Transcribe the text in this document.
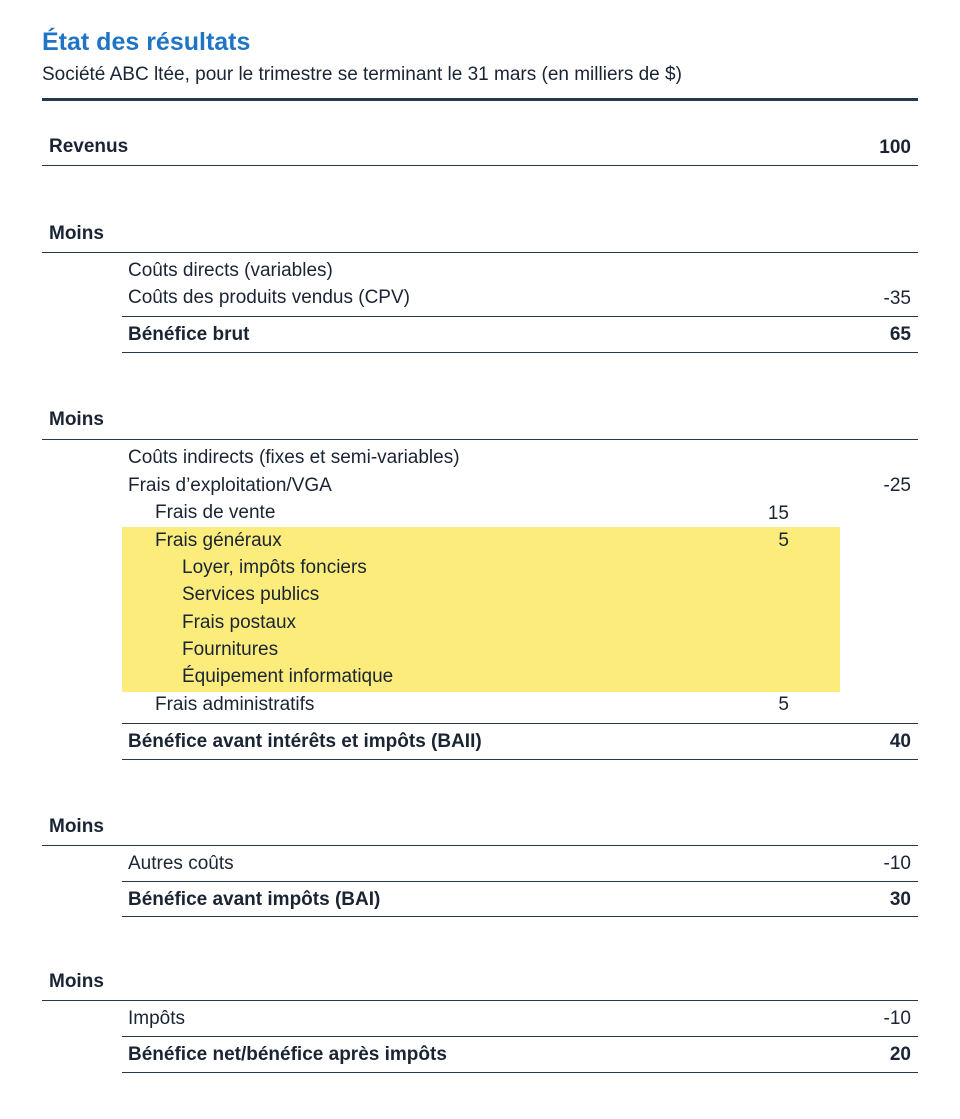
État des résultats
Société ABC ltée, pour le trimestre se terminant le 31 mars (en milliers de $)
Revenus	100
Moins
Coûts directs (variables)
Coûts des produits vendus (CPV)	-35
Bénéfice brut	65
Moins
Coûts indirects (fixes et semi-variables)
Frais d’exploitation/VGA	-25
Frais de vente	15
Frais généraux	5
Loyer, impôts fonciers
Services publics
Frais postaux
Fournitures
Équipement informatique
Frais administratifs	5
Bénéfice avant intérêts et impôts (BAII)	40
Moins
Autres coûts	-10
Bénéfice avant impôts (BAI)	30
Moins
Impôts	-10
Bénéfice net/bénéfice après impôts	20
